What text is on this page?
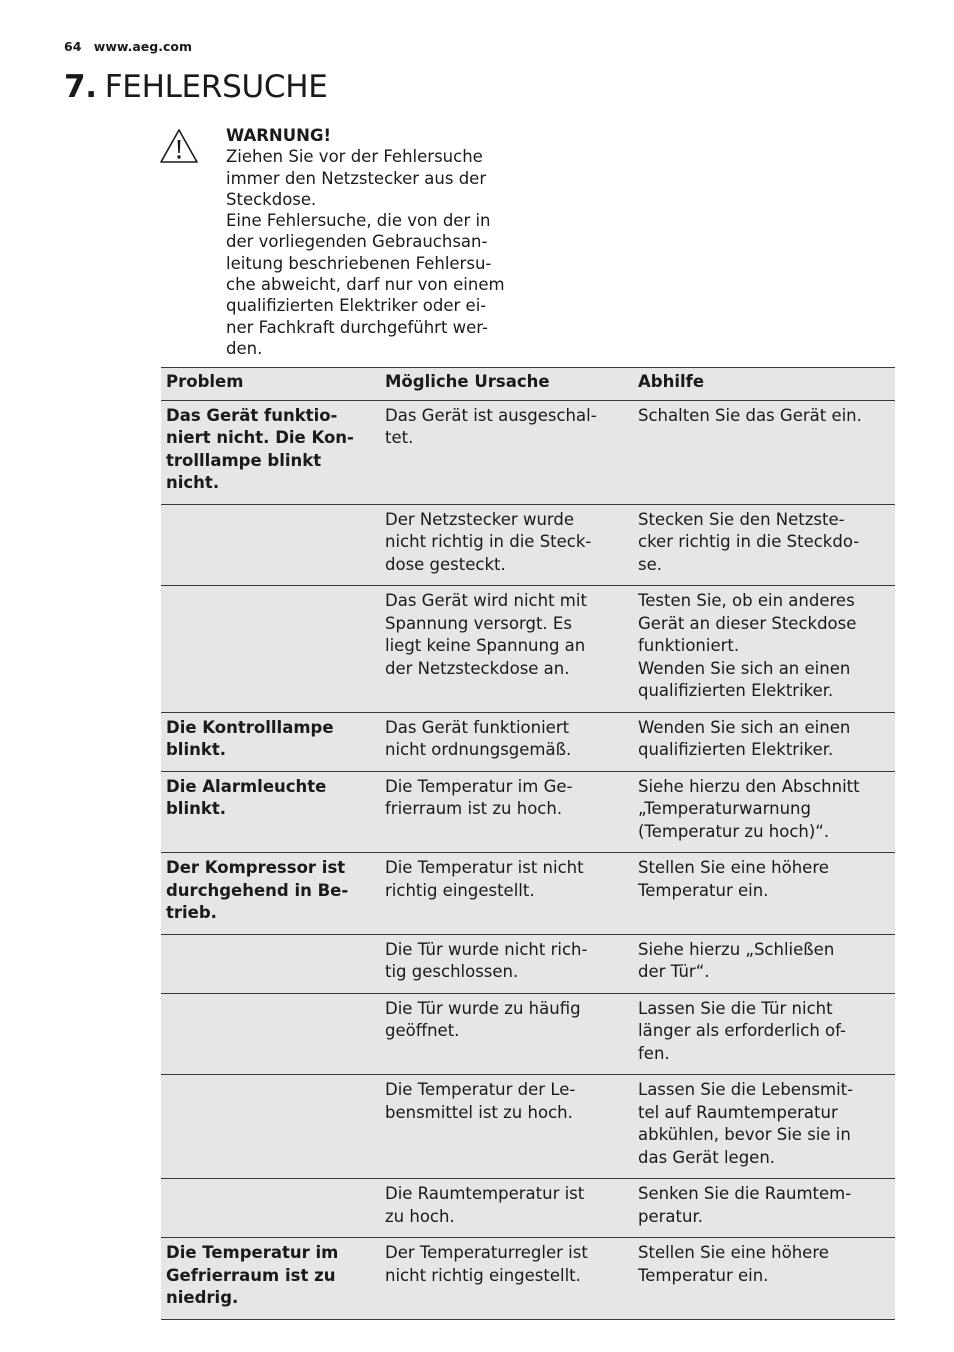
64 www.aeg.com
7. FEHLERSUCHE
WARNUNG!
Ziehen Sie vor der Fehlersuche
immer den Netzstecker aus der
Steckdose.
Eine Fehlersuche, die von der in
der vorliegenden Gebrauchsan-
leitung beschriebenen Fehlersu-
che abweicht, darf nur von einem
qualifizierten Elektriker oder ei-
ner Fachkraft durchgeführt wer-
den.
Problem	Mögliche Ursache	Abhilfe

Das Gerät funktio-
niert nicht. Die Kon-
trolllampe blinkt
nicht.	Das Gerät ist ausgeschal-
tet.	Schalten Sie das Gerät ein.

	Der Netzstecker wurde
nicht richtig in die Steck-
dose gesteckt.	Stecken Sie den Netzste-
cker richtig in die Steckdo-
se.

	Das Gerät wird nicht mit
Spannung versorgt. Es
liegt keine Spannung an
der Netzsteckdose an.	Testen Sie, ob ein anderes
Gerät an dieser Steckdose
funktioniert.
Wenden Sie sich an einen
qualifizierten Elektriker.

Die Kontrolllampe
blinkt.	Das Gerät funktioniert
nicht ordnungsgemäß.	Wenden Sie sich an einen
qualifizierten Elektriker.

Die Alarmleuchte
blinkt.	Die Temperatur im Ge-
frierraum ist zu hoch.	Siehe hierzu den Abschnitt
„Temperaturwarnung
(Temperatur zu hoch)“.

Der Kompressor ist
durchgehend in Be-
trieb.	Die Temperatur ist nicht
richtig eingestellt.	Stellen Sie eine höhere
Temperatur ein.

	Die Tür wurde nicht rich-
tig geschlossen.	Siehe hierzu „Schließen
der Tür“.

	Die Tür wurde zu häufig
geöffnet.	Lassen Sie die Tür nicht
länger als erforderlich of-
fen.

	Die Temperatur der Le-
bensmittel ist zu hoch.	Lassen Sie die Lebensmit-
tel auf Raumtemperatur
abkühlen, bevor Sie sie in
das Gerät legen.

	Die Raumtemperatur ist
zu hoch.	Senken Sie die Raumtem-
peratur.

Die Temperatur im
Gefrierraum ist zu
niedrig.	Der Temperaturregler ist
nicht richtig eingestellt.	Stellen Sie eine höhere
Temperatur ein.
